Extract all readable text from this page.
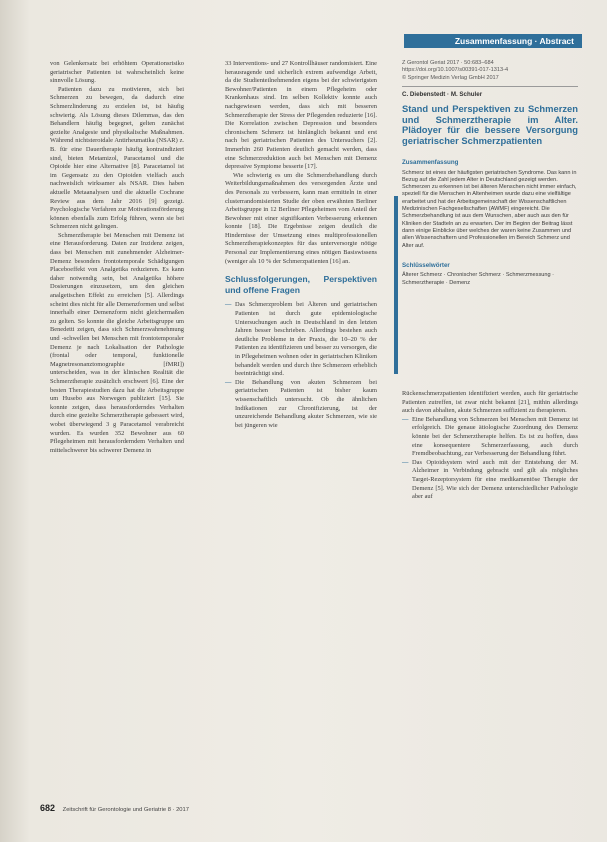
Zusammenfassung · Abstract

von Gelenkersatz bei erhöhtem Operationsrisiko geriatrischer Patienten ist wahrscheinlich keine sinnvolle Lösung.

Patienten dazu zu motivieren, sich bei Schmerzen zu bewegen, da dadurch eine Schmerzlinderung zu erzielen ist, ist häufig schwierig. Als Lösung dieses Dilemmas, das den Behandlern häufig begegnet, gelten zunächst gezielte Analgesie und physikalische Maßnahmen. Während nichtsteroidale Antirheumatika (NSAR) z. B. für eine Dauertherapie häufig kontraindiziert sind, bieten Metamizol, Paracetamol und die Opioide hier eine Alternative [8]. Paracetamol ist im Gegensatz zu den Opioiden vielfach auch nachweislich wirksamer als NSAR. Dies haben aktuelle Metaanalysen und die aktuelle Cochrane Review aus dem Jahr 2016 [9] gezeigt. Psychologische Verfahren zur Motivationsförderung können ebenfalls zum Erfolg führen, wenn sie bei Schmerzen nicht gelingen.

Schmerztherapie bei Menschen mit Demenz ist eine Herausforderung. Daten zur Inzidenz zeigen, dass bei Menschen mit zunehmender Alzheimer-Demenz besonders frontotemporale Schädigungen Placeboeffekt von Analgetika reduzieren. Es kann daher notwendig sein, bei Analgetika höhere Dosierungen einzusetzen, um den gleichen analgetischen Effekt zu erreichen [5]. Allerdings scheint dies nicht für alle Demenzformen und selbst innerhalb einer Demenzform nicht gleichermaßen zu gelten. So konnte die gleiche Arbeitsgruppe um Benedetti zeigen, dass sich Schmerzwahrnehmung und -schwellen bei Menschen mit frontotemporaler Demenz je nach Lokalisation der Pathologie (frontal oder temporal, funktionelle Magnetresonanztomographie [fMRI]) unterscheiden, was in der klinischen Realität die Schmerztherapie zusätzlich erschwert [6]. Eine der besten Therapiestudien dazu hat die Arbeitsgruppe um Husebo aus Norwegen publiziert [15]. Sie konnte zeigen, dass herausforderndes Verhalten durch eine gezielte Schmerztherapie gebessert wird, wobei überwiegend 3 g Paracetamol verabreicht wurden. Es wurden 352 Bewohner aus 60 Pflegeheimen mit herausforderndem Verhalten und mittelschwerer bis schwerer Demenz in

33 Interventions- und 27 Kontrollhäuser randomisiert. Eine herausragende und sicherlich extrem aufwendige Arbeit, da die Studienteilnehmenden eigens bei der schwierigsten Bewohner/Patienten in einem Pflegeheim oder Krankenhaus sind. Im selben Kollektiv konnte auch nachgewiesen werden, dass sich mit besseren Schmerztherapie der Stress der Pflegenden reduzierte [16]. Die Korrelation zwischen Depression und besonders chronischem Schmerz ist hinlänglich bekannt und erst nach bei geriatrischen Patienten des Untersuchers [2]. Immerhin 260 Patienten deutlich gemacht werden, dass eine Schmerzreduktion auch bei Menschen mit Demenz depressive Symptome besserte [17].

Wie schwierig es um die Schmerzbehandlung durch Weiterbildungsmaßnahmen des versorgenden Ärzte und des Personals zu verbessern, kann man ermitteln in einer clusterrandomisierten Studie der oben erwähnten Berliner Arbeitsgruppe in 12 Berliner Pflegeheimen vom Anteil der Bewohner mit einer signifikanten Verbesserung erkennen konnte [18]. Die Ergebnisse zeigen deutlich die Hindernisse der Umsetzung eines multiprofessionellen Schmerztherapiekonzeptes für das unterversorgte nötige Personal zur Implementierung eines nötigen Basiswissens (weniger als 10 % der Schmerzpatienten [16] an.

Schlussfolgerungen, Perspektiven und offene Fragen
— Das Schmerzproblem bei Älteren und geriatrischen Patienten ist durch gute epidemiologische Untersuchungen auch in Deutschland in den letzten Jahren besser beschrieben. Allerdings bestehen auch deutliche Probleme in der Praxis, die 10–20 % der Patienten zu identifizieren und besser zu versorgen, die in Pflegeheimen wohnen oder in geriatrischen Kliniken behandelt werden und durch ihre Schmerzen erheblich beeinträchtigt sind.
— Die Behandlung von akuten Schmerzen bei geriatrischen Patienten ist bisher kaum wissenschaftlich untersucht. Ob die ähnlichen Indikationen zur Chronifizierung, ist der unzureichende Behandlung akuter Schmerzen, wie sie bei jüngeren wie
Z Gerontol Geriat 2017 · 50:683–684
https://doi.org/10.1007/s00391-017-1313-4
© Springer Medizin Verlag GmbH 2017
C. Diebenstedt · M. Schuler
Stand und Perspektiven zu Schmerzen und Schmerztherapie im Alter. Plädoyer für die bessere Versorgung geriatrischer Schmerzpatienten
Zusammenfassung
Schmerz ist eines der häufigsten geriatrischen Syndrome. Das kann in Bezug auf die Zahl jedem Alter in Deutschland gezeigt werden. Schmerzen zu erkennen ist bei älteren Menschen nicht immer einfach, speziell für die Menschen in Altenheimen wurde dazu eine vielfältige erarbeitet und hat der Arbeitsgemeinschaft der Wissenschaftlichen Medizinischen Fachgesellschaften (AWMF) eingereicht. Die Schmerzbehandlung ist aus dem Wunschen, aber auch aus den für Kliniken der Stadteln an zu erwarten. Der im Beginn der Beitrag lässt dann einige Einblicke über welches der waren keine Zusammen und allen Wissenschaftern und Professionellen im Bereich Schmerz und Alter auf.
Schlüsselwörter
Älterer Schmerz · Chronischer Schmerz · Schmerzmessung · Schmerztherapie · Demenz

Rückenschmerzpatienten identifiziert werden, auch für geriatrische Patienten zutreffen, ist zwar nicht bekannt [21], mithin allerdings auch davon abhalten, akute Schmerzen suffizient zu therapieren.

— Eine Behandlung von Schmerzen bei Menschen mit Demenz ist erfolgreich. Die genaue ätiologische Zuordnung des Demenz könnte bei der Schmerztherapie helfen. Es ist zu hoffen, dass eine konsequentere Schmerzerfassung, auch durch Fremdbeobachtung, zur Verbesserung der Behandlung führt.
— Das Opioidsystem wird auch mit der Entstehung der M. Alzheimer in Verbindung gebracht und gilt als mögliches Target-Rezeptorsystem für eine medikamentöse Therapie der Demenz [5]. Wie sich der Demenz unterschiedlicher Pathologie aber auf
682 Zeitschrift für Gerontologie und Geriatrie 8 · 2017
